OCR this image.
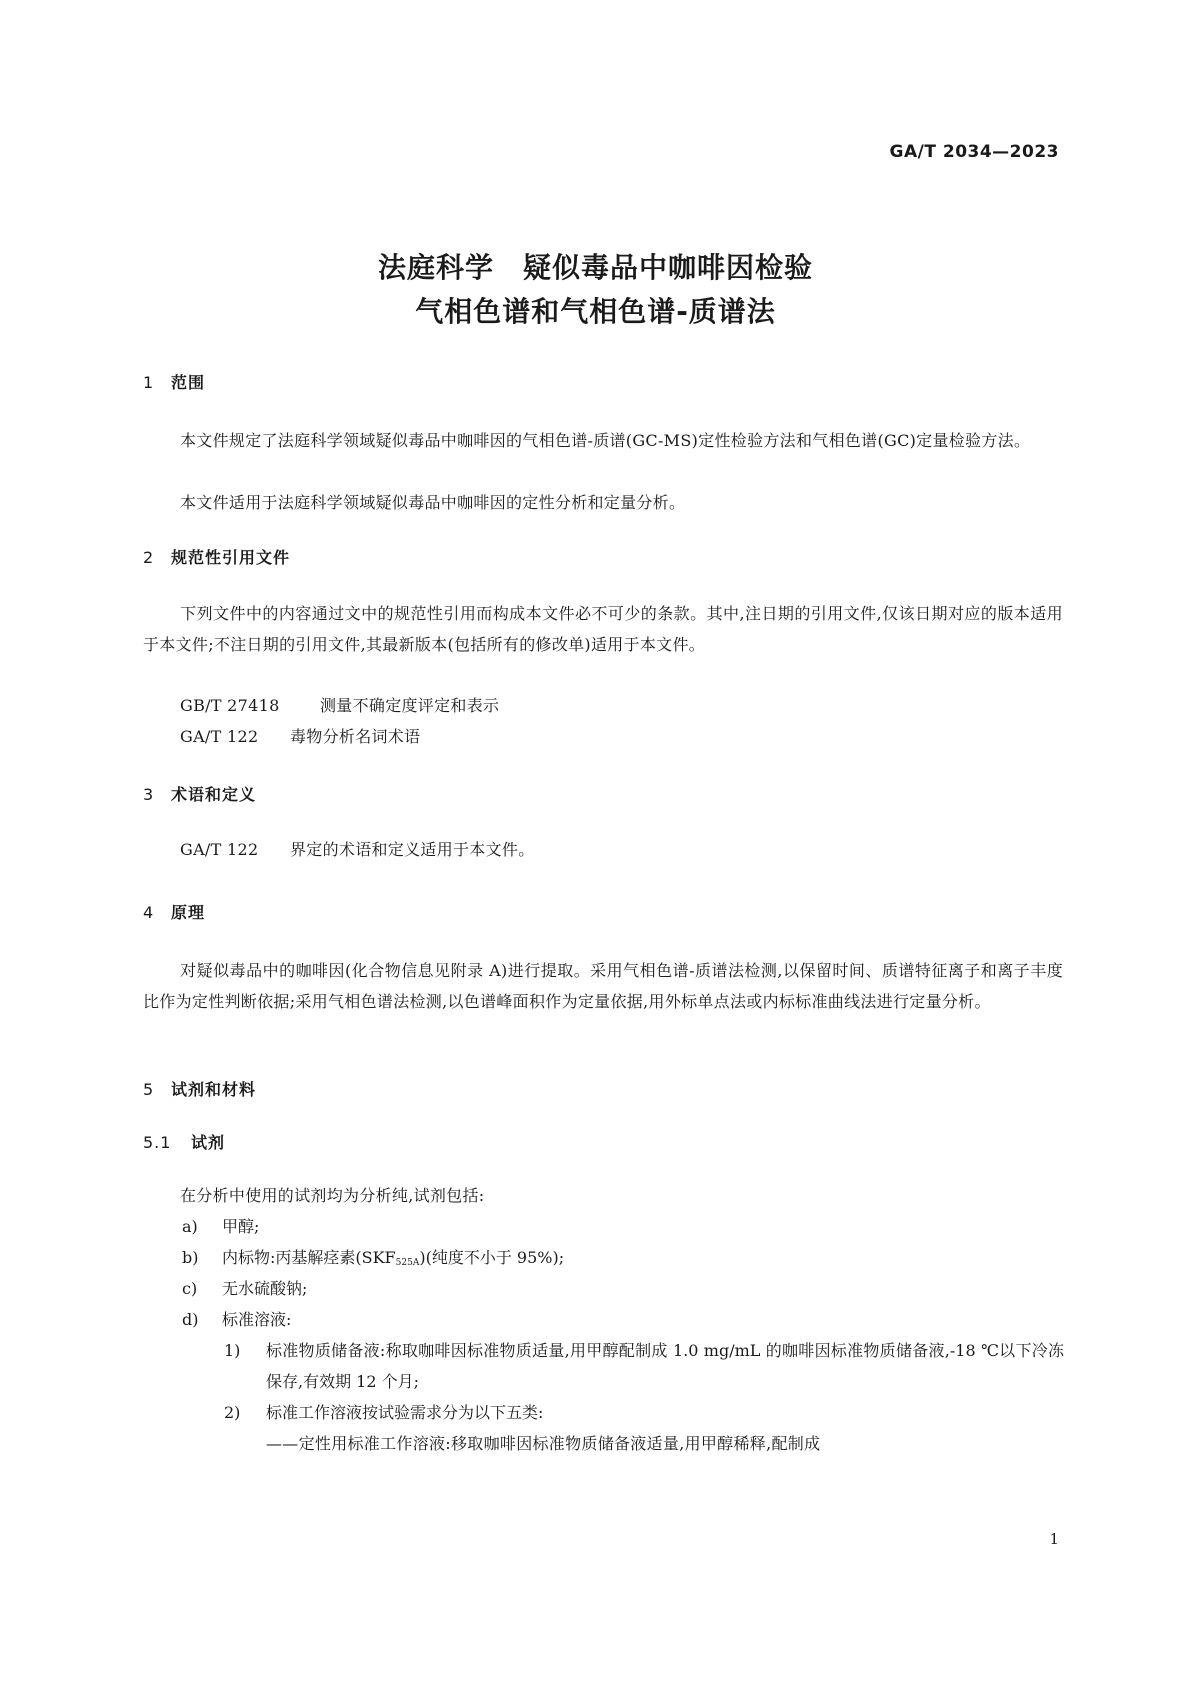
GA/T 2034—2023
法庭科学　疑似毒品中咖啡因检验
气相色谱和气相色谱-质谱法
1 范围
本文件规定了法庭科学领域疑似毒品中咖啡因的气相色谱-质谱(GC-MS)定性检验方法和气相色谱(GC)定量检验方法。
本文件适用于法庭科学领域疑似毒品中咖啡因的定性分析和定量分析。
2 规范性引用文件
下列文件中的内容通过文中的规范性引用而构成本文件必不可少的条款。其中,注日期的引用文件,仅该日期对应的版本适用于本文件;不注日期的引用文件,其最新版本(包括所有的修改单)适用于本文件。
GB/T 27418	测量不确定度评定和表示
GA/T 122 毒物分析名词术语
3 术语和定义
GA/T 122 界定的术语和定义适用于本文件。
4 原理
对疑似毒品中的咖啡因(化合物信息见附录 A)进行提取。采用气相色谱-质谱法检测,以保留时间、质谱特征离子和离子丰度比作为定性判断依据;采用气相色谱法检测,以色谱峰面积作为定量依据,用外标单点法或内标标准曲线法进行定量分析。
5 试剂和材料
5.1 试剂
在分析中使用的试剂均为分析纯,试剂包括:
a) 甲醇;
b) 内标物:丙基解痉素$(SKF_{525A})$(纯度不小于 95%);
c) 无水硫酸钠;
d) 标准溶液:
1) 标准物质储备液:称取咖啡因标准物质适量,用甲醇配制成 1.0 mg/mL 的咖啡因标准物质储备液,-18 ℃以下冷冻保存,有效期 12 个月;
2) 标准工作溶液按试验需求分为以下五类:
——定性用标准工作溶液:移取咖啡因标准物质储备液适量,用甲醇稀释,配制成
1
